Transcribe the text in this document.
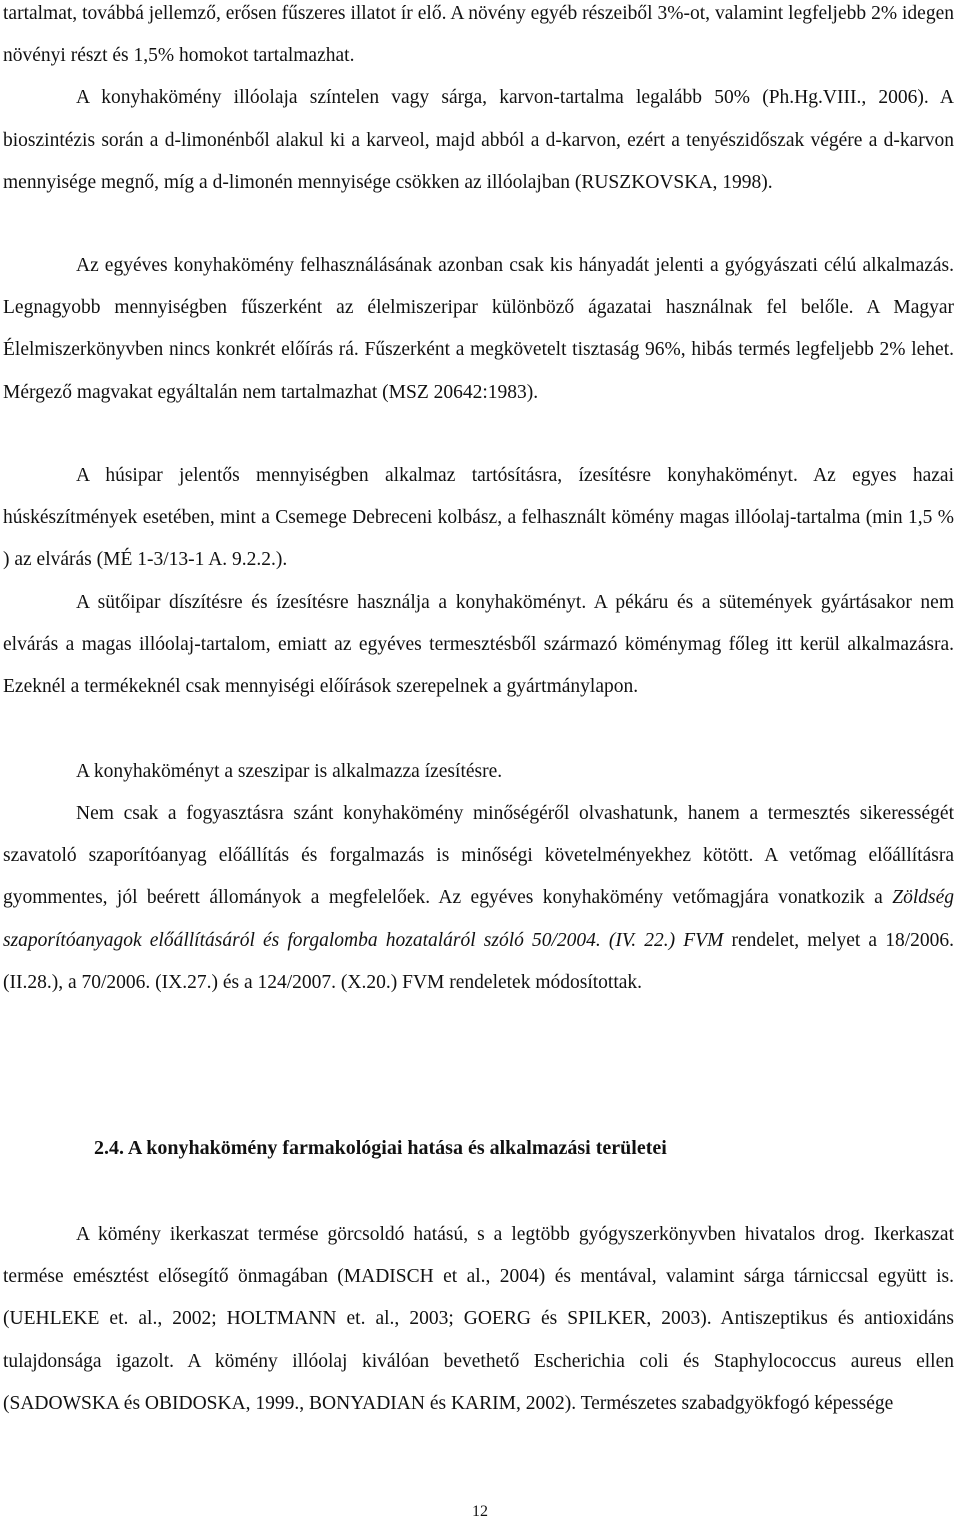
tartalmat, továbbá jellemző, erősen fűszeres illatot ír elő. A növény egyéb részeiből 3%-ot, valamint legfeljebb 2% idegen növényi részt és 1,5% homokot tartalmazhat.
A konyhakömény illóolaja színtelen vagy sárga, karvon-tartalma legalább 50% (Ph.Hg.VIII., 2006). A bioszintézis során a d-limonénből alakul ki a karveol, majd abból a d-karvon, ezért a tenyészidőszak végére a d-karvon mennyisége megnő, míg a d-limonén mennyisége csökken az illóolajban (RUSZKOVSKA, 1998).
Az egyéves konyhakömény felhasználásának azonban csak kis hányadát jelenti a gyógyászati célú alkalmazás. Legnagyobb mennyiségben fűszerként az élelmiszeripar különböző ágazatai használnak fel belőle. A Magyar Élelmiszerkönyvben nincs konkrét előírás rá. Fűszerként a megkövetelt tisztaság 96%, hibás termés legfeljebb 2% lehet. Mérgező magvakat egyáltalán nem tartalmazhat (MSZ 20642:1983).
A húsipar jelentős mennyiségben alkalmaz tartósításra, ízesítésre konyhaköményt. Az egyes hazai húskészítmények esetében, mint a Csemege Debreceni kolbász, a felhasznált kömény magas illóolaj-tartalma (min 1,5 % ) az elvárás (MÉ 1-3/13-1 A. 9.2.2.).
A sütőipar díszítésre és ízesítésre használja a konyhaköményt. A pékáru és a sütemények gyártásakor nem elvárás a magas illóolaj-tartalom, emiatt az egyéves termesztésből származó köménymag főleg itt kerül alkalmazásra. Ezeknél a termékeknél csak mennyiségi előírások szerepelnek a gyártmánylapon.
A konyhaköményt a szeszipar is alkalmazza ízesítésre.
Nem csak a fogyasztásra szánt konyhakömény minőségéről olvashatunk, hanem a termesztés sikerességét szavatoló szaporítóanyag előállítás és forgalmazás is minőségi követelményekhez kötött. A vetőmag előállításra gyommentes, jól beérett állományok a megfelelőek. Az egyéves konyhakömény vetőmagjára vonatkozik a Zöldség szaporítóanyagok előállításáról és forgalomba hozataláról szóló 50/2004. (IV. 22.) FVM rendelet, melyet a 18/2006. (II.28.), a 70/2006. (IX.27.) és a 124/2007. (X.20.) FVM rendeletek módosítottak.
2.4. A konyhakömény farmakológiai hatása és alkalmazási területei
A kömény ikerkaszat termése görcsoldó hatású, s a legtöbb gyógyszerkönyvben hivatalos drog. Ikerkaszat termése emésztést elősegítő önmagában (MADISCH et al., 2004) és mentával, valamint sárga tárniccsal együtt is. (UEHLEKE et. al., 2002; HOLTMANN et. al., 2003; GOERG és SPILKER, 2003). Antiszeptikus és antioxidáns tulajdonsága igazolt. A kömény illóolaj kiválóan bevethető Escherichia coli és Staphylococcus aureus ellen (SADOWSKA és OBIDOSKA, 1999., BONYADIAN és KARIM, 2002). Természetes szabadgyökfogó képessége
12
